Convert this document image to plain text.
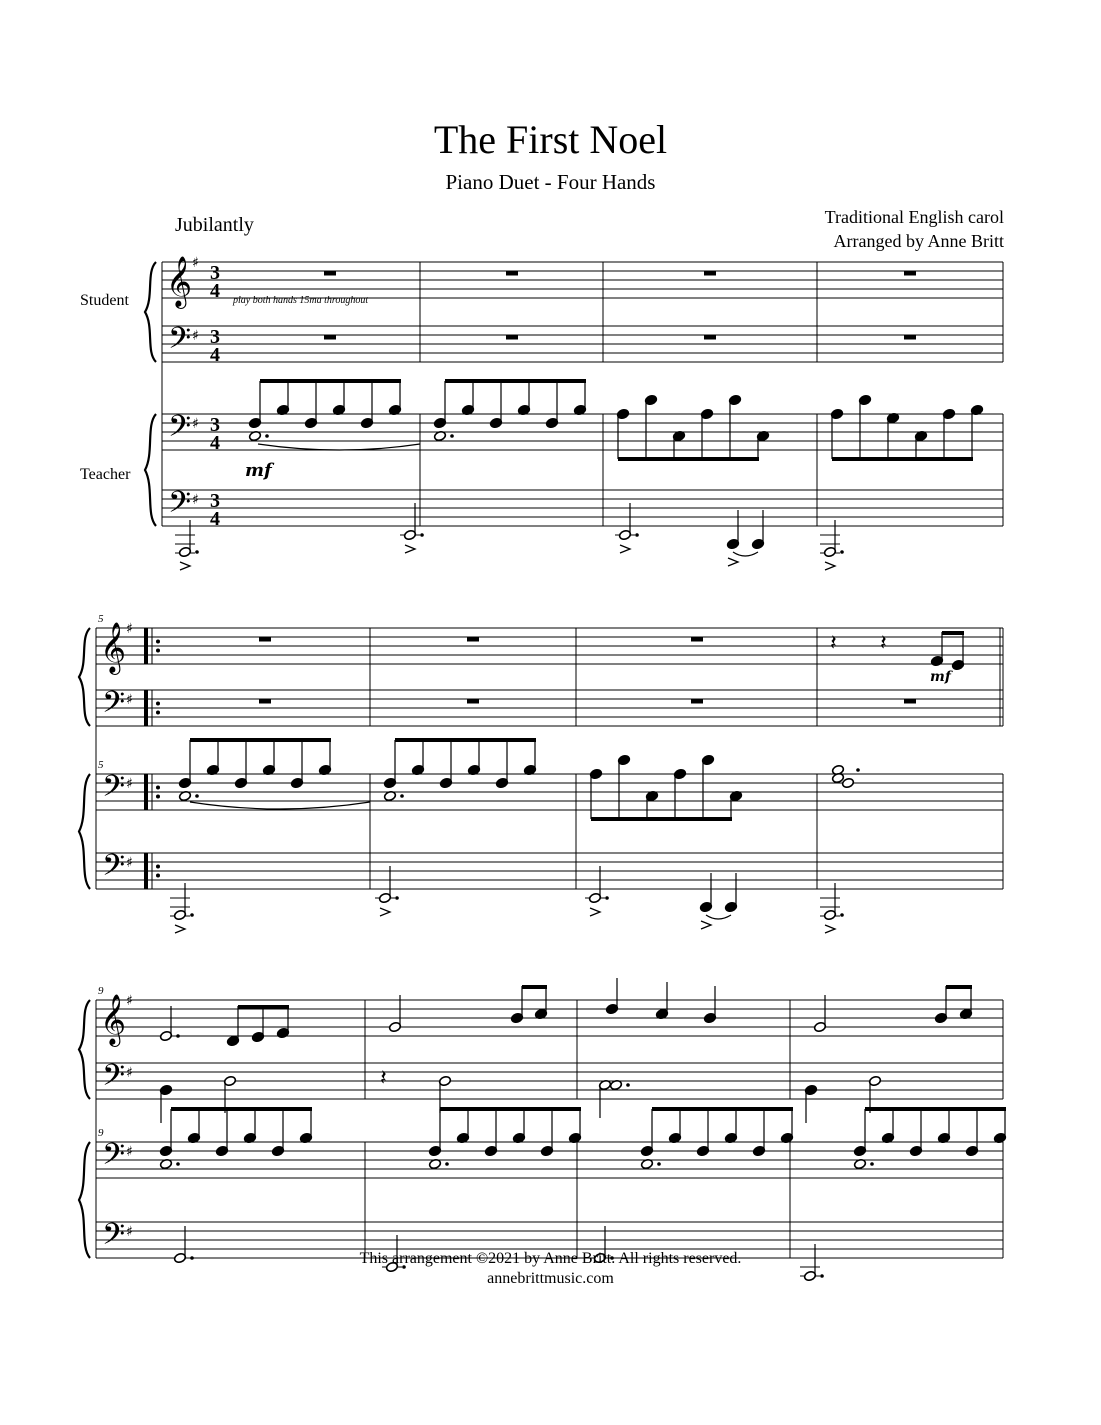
The First Noel
Piano Duet - Four Hands
Jubilantly	Traditional English carol
Arranged by Anne Britt
Student
Teacher
𝄞 ♯ 3
4
𝄢 ♯ 3
4
𝄢 ♯ 3
4
𝄢 ♯ 3
4
𝄞 ♯
𝄢 ♯
𝄢 ♯
𝄢 ♯
5
5
𝄞 ♯
𝄢 ♯
𝄢 ♯
𝄢 ♯
9
9
play both hands 15ma throughout
𝄽 𝄽
mf
mf
𝄽
This arrangement ©2021 by Anne Britt. All rights reserved.
annebrittmusic.com
